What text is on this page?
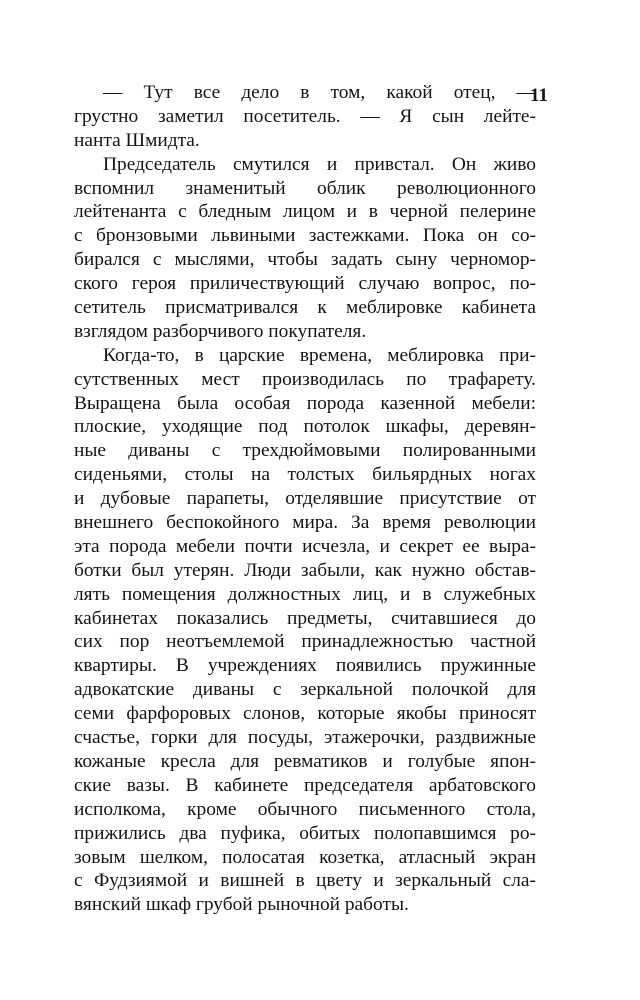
11
— Тут все дело в том, какой отец, —
грустно заметил посетитель. — Я сын лейте-
нанта Шмидта.
Председатель смутился и привстал. Он живо
вспомнил знаменитый облик революционного
лейтенанта с бледным лицом и в черной пелерине
с бронзовыми львиными застежками. Пока он со-
бирался с мыслями, чтобы задать сыну черномор-
ского героя приличествующий случаю вопрос, по-
сетитель присматривался к меблировке кабинета
взглядом разборчивого покупателя.
Когда-то, в царские времена, меблировка при-
сутственных мест производилась по трафарету.
Выращена была особая порода казенной мебели:
плоские, уходящие под потолок шкафы, деревян-
ные диваны с трехдюймовыми полированными
сиденьями, столы на толстых бильярдных ногах
и дубовые парапеты, отделявшие присутствие от
внешнего беспокойного мира. За время революции
эта порода мебели почти исчезла, и секрет ее выра-
ботки был утерян. Люди забыли, как нужно обстав-
лять помещения должностных лиц, и в служебных
кабинетах показались предметы, считавшиеся до
сих пор неотъемлемой принадлежностью частной
квартиры. В учреждениях появились пружинные
адвокатские диваны с зеркальной полочкой для
семи фарфоровых слонов, которые якобы приносят
счастье, горки для посуды, этажерочки, раздвижные
кожаные кресла для ревматиков и голубые япон-
ские вазы. В кабинете председателя арбатовского
исполкома, кроме обычного письменного стола,
прижились два пуфика, обитых полопавшимся ро-
зовым шелком, полосатая козетка, атласный экран
с Фудзиямой и вишней в цвету и зеркальный сла-
вянский шкаф грубой рыночной работы.
